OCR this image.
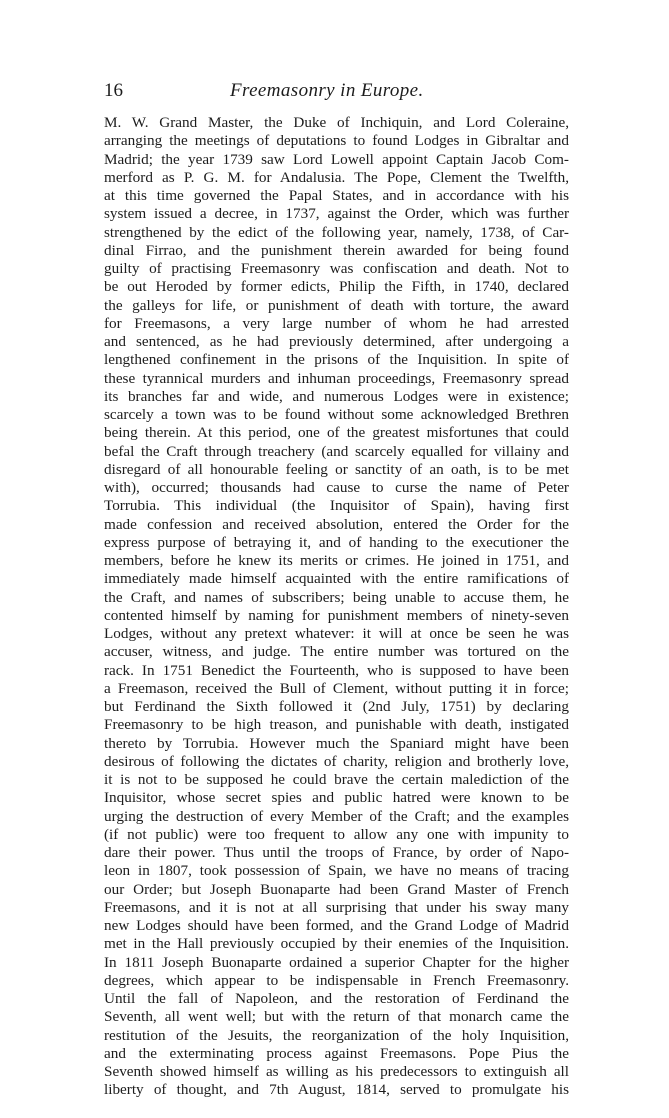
16	Freemasonry in Europe.
M. W. Grand Master, the Duke of Inchiquin, and Lord Coleraine,
arranging the meetings of deputations to found Lodges in Gibraltar and
Madrid; the year 1739 saw Lord Lowell appoint Captain Jacob Com-
merford as P. G. M. for Andalusia. The Pope, Clement the Twelfth,
at this time governed the Papal States, and in accordance with his
system issued a decree, in 1737, against the Order, which was further
strengthened by the edict of the following year, namely, 1738, of Car-
dinal Firrao, and the punishment therein awarded for being found
guilty of practising Freemasonry was confiscation and death. Not to
be out Heroded by former edicts, Philip the Fifth, in 1740, declared
the galleys for life, or punishment of death with torture, the award
for Freemasons, a very large number of whom he had arrested
and sentenced, as he had previously determined, after undergoing a
lengthened confinement in the prisons of the Inquisition. In spite of
these tyrannical murders and inhuman proceedings, Freemasonry spread
its branches far and wide, and numerous Lodges were in existence;
scarcely a town was to be found without some acknowledged Brethren
being therein. At this period, one of the greatest misfortunes that could
befal the Craft through treachery (and scarcely equalled for villainy and
disregard of all honourable feeling or sanctity of an oath, is to be met
with), occurred; thousands had cause to curse the name of Peter
Torrubia. This individual (the Inquisitor of Spain), having first
made confession and received absolution, entered the Order for the
express purpose of betraying it, and of handing to the executioner the
members, before he knew its merits or crimes. He joined in 1751, and
immediately made himself acquainted with the entire ramifications of
the Craft, and names of subscribers; being unable to accuse them, he
contented himself by naming for punishment members of ninety-seven
Lodges, without any pretext whatever: it will at once be seen he was
accuser, witness, and judge. The entire number was tortured on the
rack. In 1751 Benedict the Fourteenth, who is supposed to have been
a Freemason, received the Bull of Clement, without putting it in force;
but Ferdinand the Sixth followed it (2nd July, 1751) by declaring
Freemasonry to be high treason, and punishable with death, instigated
thereto by Torrubia. However much the Spaniard might have been
desirous of following the dictates of charity, religion and brotherly love,
it is not to be supposed he could brave the certain malediction of the
Inquisitor, whose secret spies and public hatred were known to be
urging the destruction of every Member of the Craft; and the examples
(if not public) were too frequent to allow any one with impunity to
dare their power. Thus until the troops of France, by order of Napo-
leon in 1807, took possession of Spain, we have no means of tracing
our Order; but Joseph Buonaparte had been Grand Master of French
Freemasons, and it is not at all surprising that under his sway many
new Lodges should have been formed, and the Grand Lodge of Madrid
met in the Hall previously occupied by their enemies of the Inquisition.
In 1811 Joseph Buonaparte ordained a superior Chapter for the higher
degrees, which appear to be indispensable in French Freemasonry.
Until the fall of Napoleon, and the restoration of Ferdinand the
Seventh, all went well; but with the return of that monarch came the
restitution of the Jesuits, the reorganization of the holy Inquisition,
and the exterminating process against Freemasons. Pope Pius the
Seventh showed himself as willing as his predecessors to extinguish all
liberty of thought, and 7th August, 1814, served to promulgate his
